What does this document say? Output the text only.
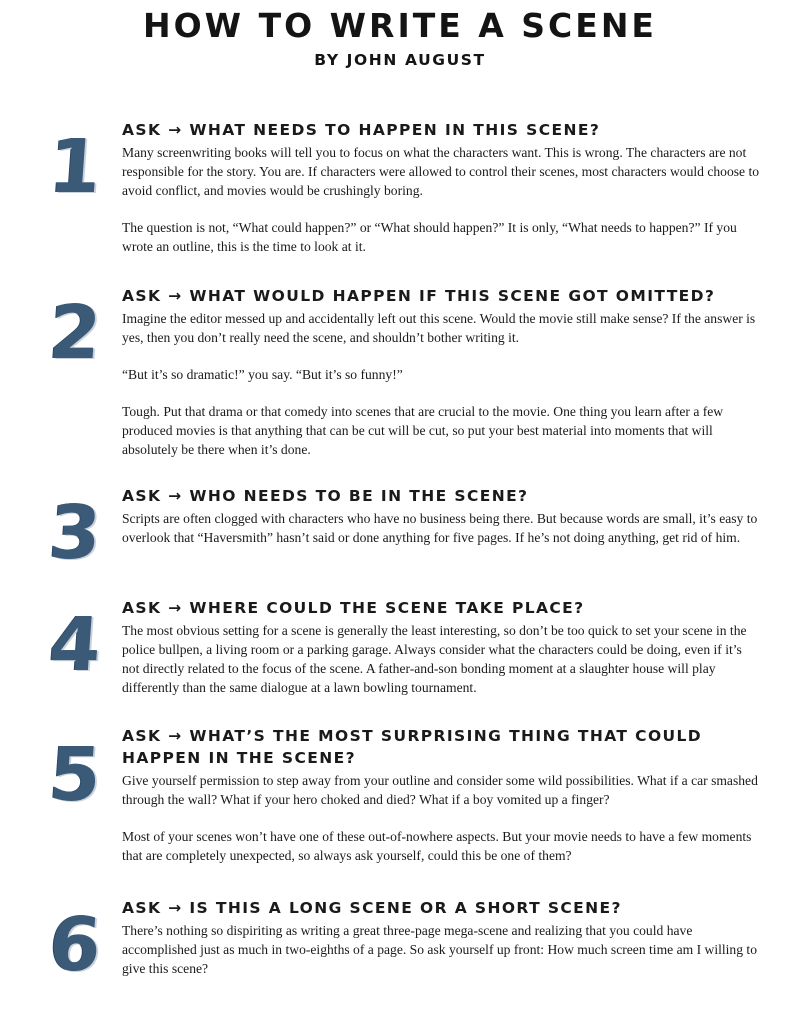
HOW TO WRITE A SCENE
BY JOHN AUGUST
1	ASK → WHAT NEEDS TO HAPPEN IN THIS SCENE?

Many screenwriting books will tell you to focus on what the characters want. This is wrong. The characters are not responsible for the story. You are. If characters were allowed to control their scenes, most characters would choose to avoid conflict, and movies would be crushingly boring.

The question is not, “What could happen?” or “What should happen?” It is only, “What needs to happen?” If you wrote an outline, this is the time to look at it.

2	ASK → WHAT WOULD HAPPEN IF THIS SCENE GOT OMITTED?

Imagine the editor messed up and accidentally left out this scene. Would the movie still make sense? If the answer is yes, then you don’t really need the scene, and shouldn’t bother writing it.

“But it’s so dramatic!” you say. “But it’s so funny!”

Tough. Put that drama or that comedy into scenes that are crucial to the movie. One thing you learn after a few produced movies is that anything that can be cut will be cut, so put your best material into moments that will absolutely be there when it’s done.

3	ASK → WHO NEEDS TO BE IN THE SCENE?

Scripts are often clogged with characters who have no business being there. But because words are small, it’s easy to overlook that “Haversmith” hasn’t said or done anything for five pages. If he’s not doing anything, get rid of him.

4	ASK → WHERE COULD THE SCENE TAKE PLACE?

The most obvious setting for a scene is generally the least interesting, so don’t be too quick to set your scene in the police bullpen, a living room or a parking garage. Always consider what the characters could be doing, even if it’s not directly related to the focus of the scene. A father-and-son bonding moment at a slaughter house will play differently than the same dialogue at a lawn bowling tournament.

5	ASK → WHAT’S THE MOST SURPRISING THING THAT COULD HAPPEN IN THE SCENE?

Give yourself permission to step away from your outline and consider some wild possibilities. What if a car smashed through the wall? What if your hero choked and died? What if a boy vomited up a finger?

Most of your scenes won’t have one of these out-of-nowhere aspects. But your movie needs to have a few moments that are completely unexpected, so always ask yourself, could this be one of them?

6	ASK → IS THIS A LONG SCENE OR A SHORT SCENE?

There’s nothing so dispiriting as writing a great three-page mega-scene and realizing that you could have accomplished just as much in two-eighths of a page. So ask yourself up front: How much screen time am I willing to give this scene?
